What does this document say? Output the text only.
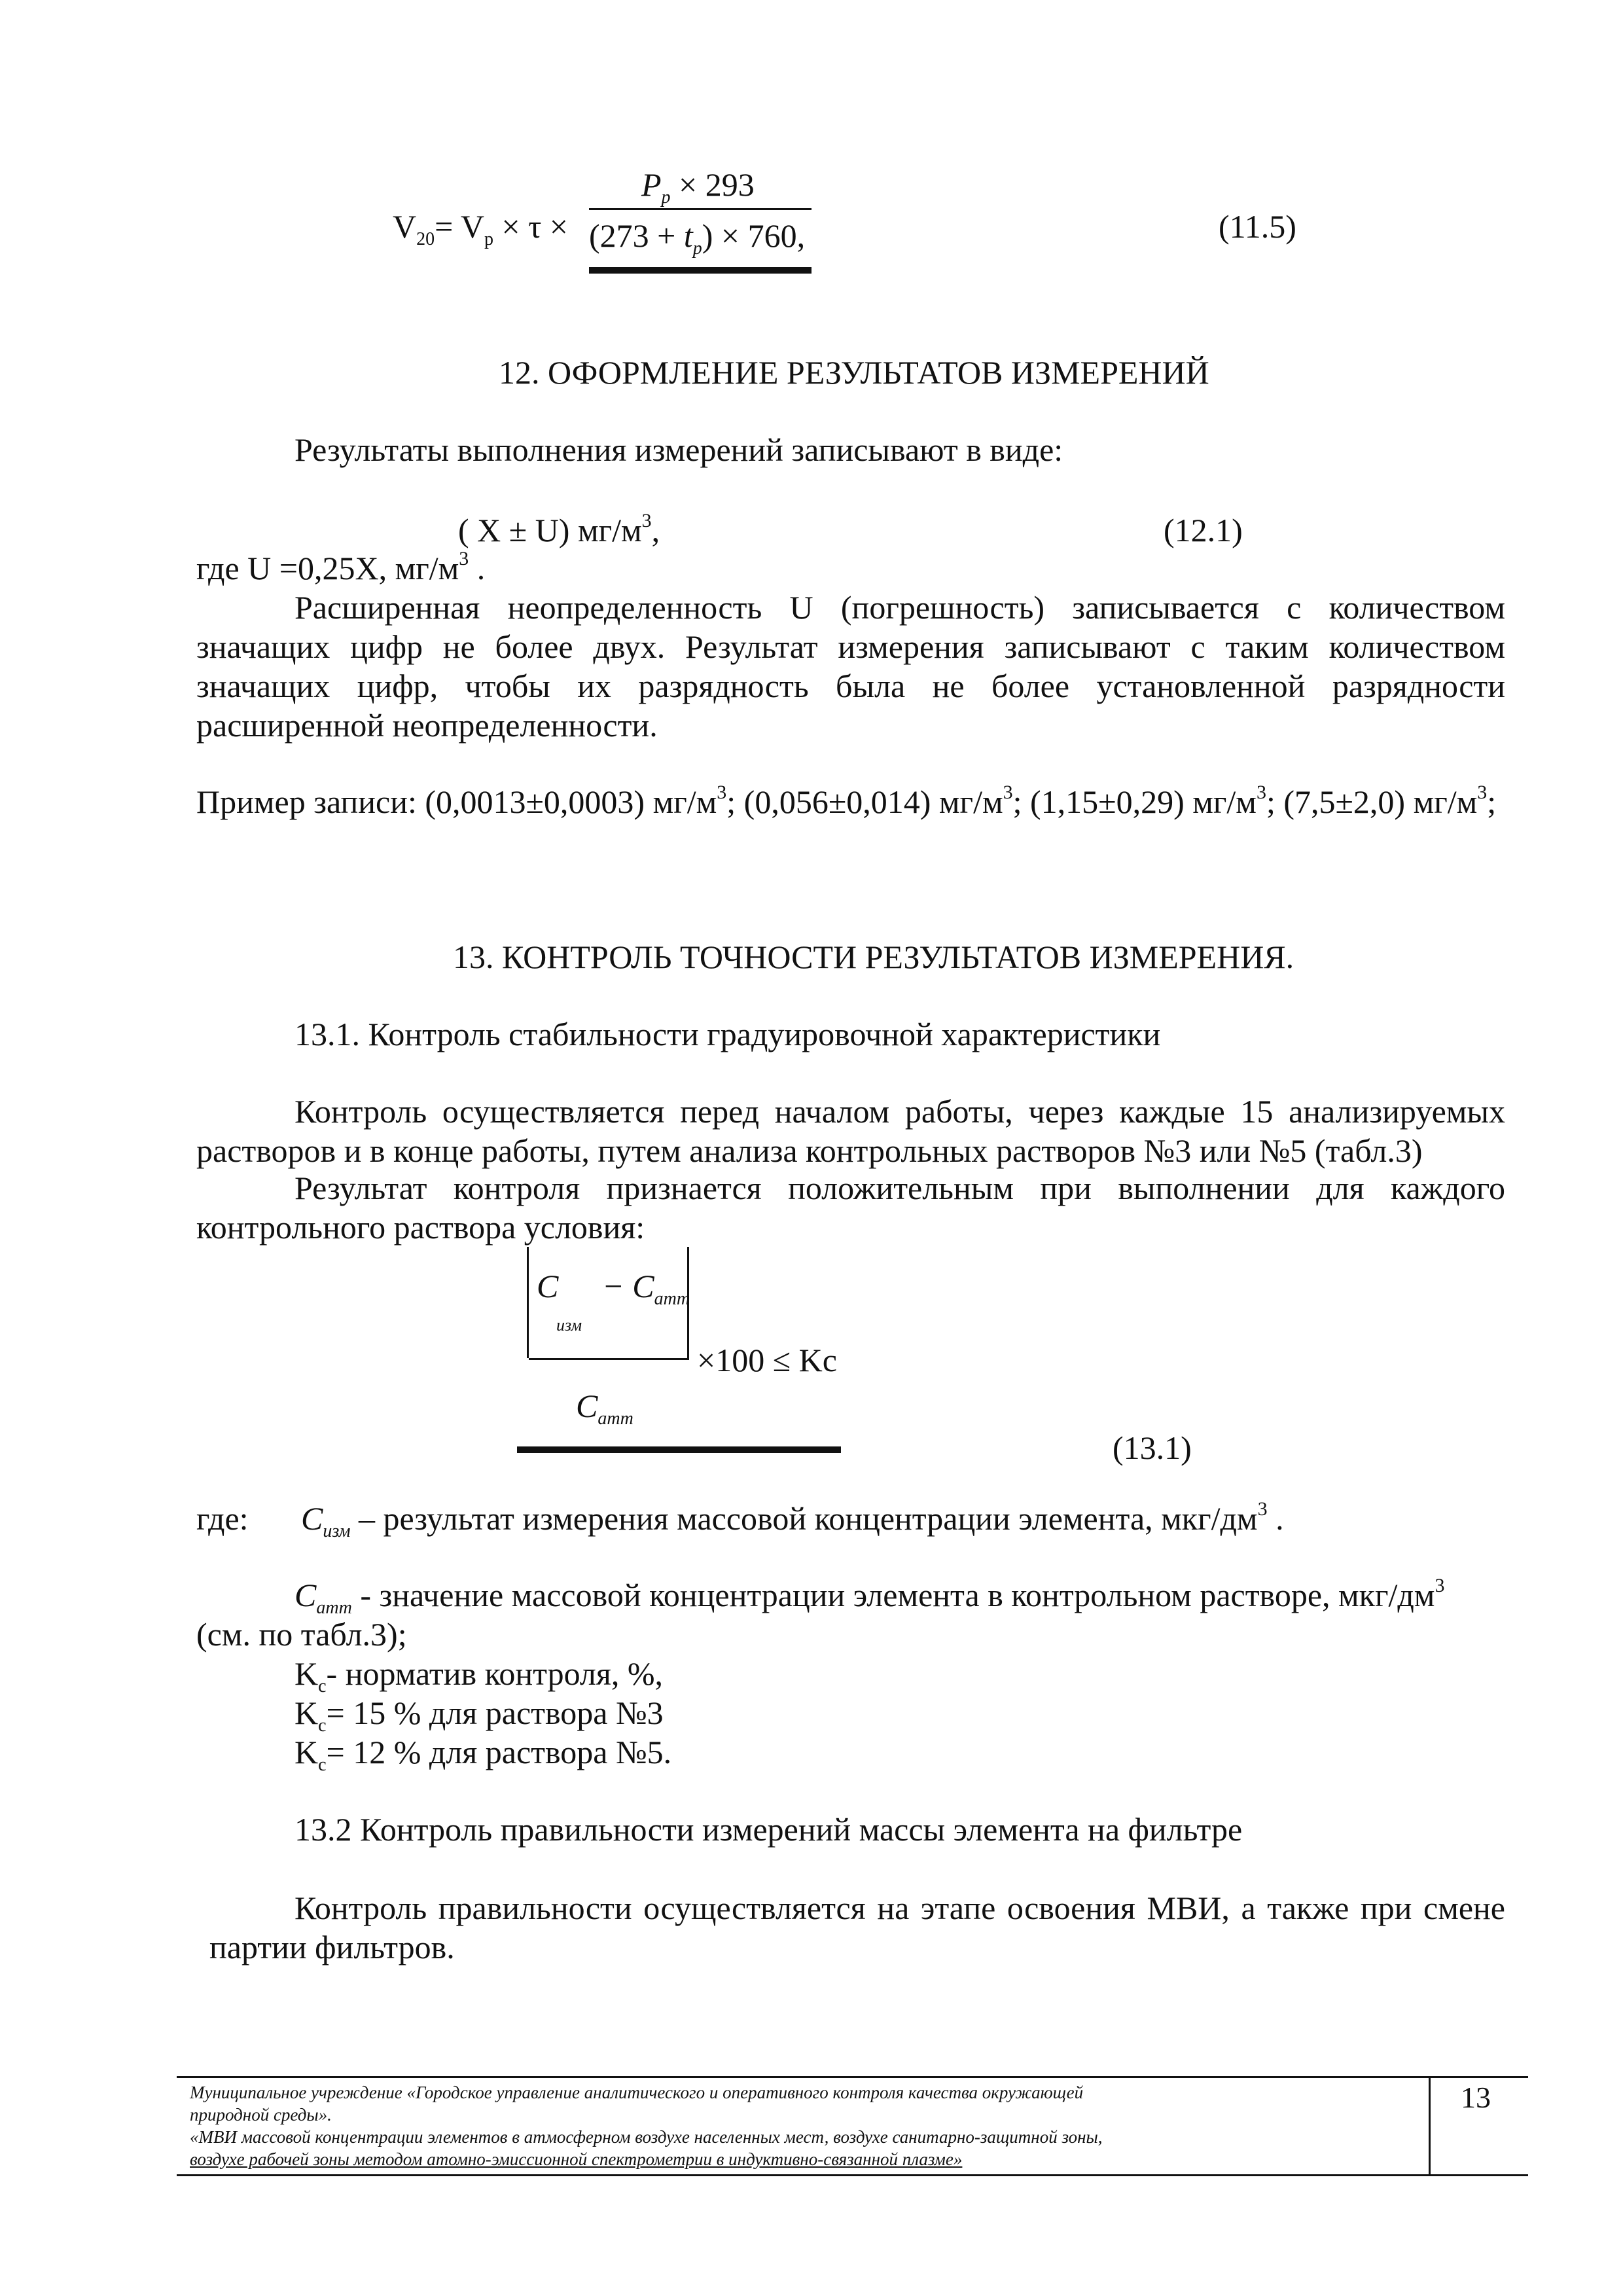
$V_{20}= V_p \times \tau$ ×
$P_p \times 293$
$(273 + t_p) \times 760$,	(11.5)
12. ОФОРМЛЕНИЕ РЕЗУЛЬТАТОВ ИЗМЕРЕНИЙ
Результаты выполнения измерений записывают в виде:
( X ± U) $мг/м^3$,	(12.1)
где U =0,25X, $мг/м^3$ .
Расширенная неопределенность U (погрешность) записывается с количеством
значащих цифр не более двух. Результат измерения записывают с таким количеством
значащих цифр, чтобы их разрядность была не более установленной разрядности
расширенной неопределенности.
Пример записи: (0,0013±0,0003) $мг/м^3$; (0,056±0,014) $мг/м^3$; (1,15±0,29) $мг/м^3$; (7,5±2,0) $мг/м^3$;
13. КОНТРОЛЬ ТОЧНОСТИ РЕЗУЛЬТАТОВ ИЗМЕРЕНИЯ.
13.1. Контроль стабильности градуировочной характеристики
Контроль осуществляется перед началом работы, через каждые 15 анализируемых
растворов и в конце работы, путем анализа контрольных растворов №3 или №5 (табл.3)
Результат контроля признается положительным при выполнении для каждого
контрольного раствора условия:
C
изм
− $C_{атт}$
×100 ≤ Kc
$C_{атт}$
(13.1)
где: $C_{изм}$ – результат измерения массовой концентрации элемента, мкг/$дм^3$ .
$C_{атт}$ - значение массовой концентрации элемента в контрольном растворе, мкг/$дм^3$
(см. по табл.3);
$K_c-$ норматив контроля, %,
$K_c= 15$ % для раствора №3
$K_c= 12$ % для раствора №5.
13.2 Контроль правильности измерений массы элемента на фильтре
Контроль правильности осуществляется на этапе освоения МВИ, а также при смене
партии фильтров.
Муниципальное учреждение «Городское управление аналитического и оперативного контроля качества окружающей
природной среды».
«МВИ массовой концентрации элементов в атмосферном воздухе населенных мест, воздухе санитарно-защитной зоны,
воздухе рабочей зоны методом атомно-эмиссионной спектрометрии в индуктивно-связанной плазме»
13
